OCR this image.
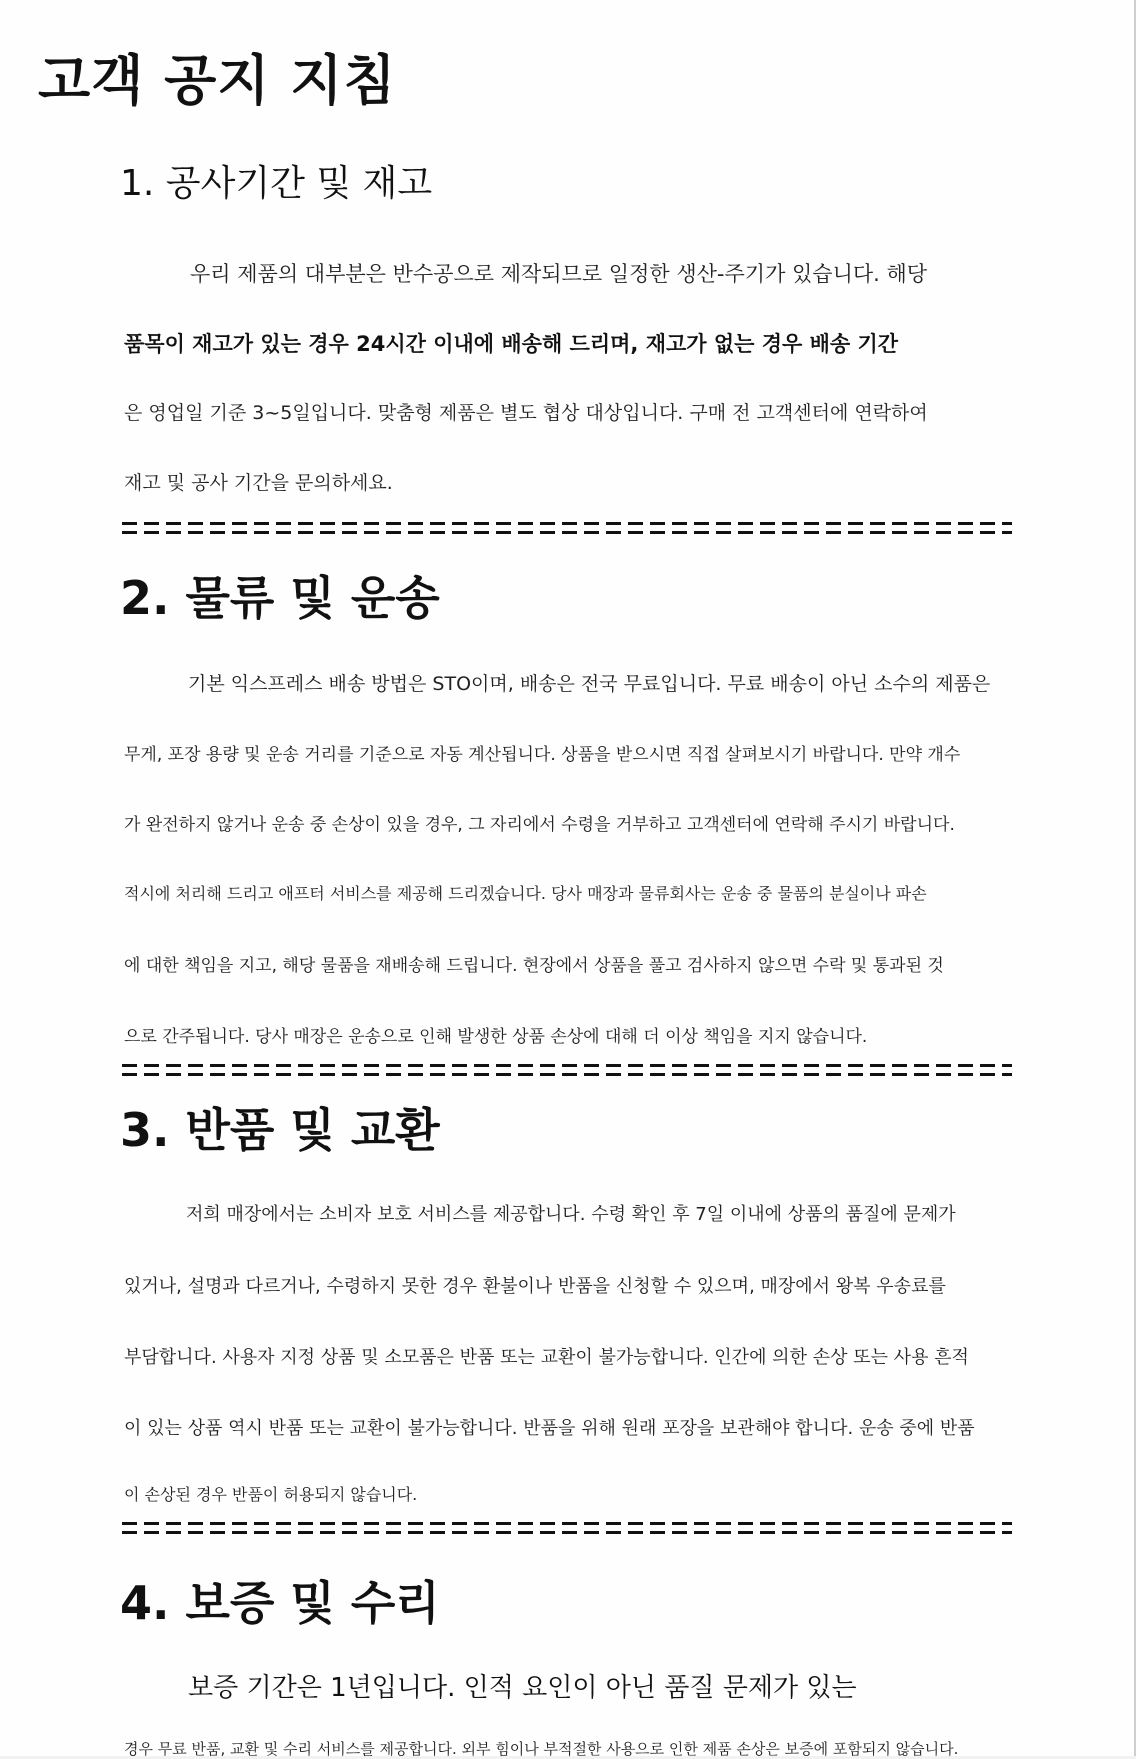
고객 공지 지침
1. 공사기간 및 재고

우리 제품의 대부분은 반수공으로 제작되므로 일정한 생산-주기가 있습니다. 해당

품목이 재고가 있는 경우 24시간 이내에 배송해 드리며, 재고가 없는 경우 배송 기간

은 영업일 기준 3~5일입니다. 맞춤형 제품은 별도 협상 대상입니다. 구매 전 고객센터에 연락하여

재고 및 공사 기간을 문의하세요.

2. 물류 및 운송

기본 익스프레스 배송 방법은 STO이며, 배송은 전국 무료입니다. 무료 배송이 아닌 소수의 제품은

무게, 포장 용량 및 운송 거리를 기준으로 자동 계산됩니다. 상품을 받으시면 직접 살펴보시기 바랍니다. 만약 개수

가 완전하지 않거나 운송 중 손상이 있을 경우, 그 자리에서 수령을 거부하고 고객센터에 연락해 주시기 바랍니다.

적시에 처리해 드리고 애프터 서비스를 제공해 드리겠습니다. 당사 매장과 물류회사는 운송 중 물품의 분실이나 파손

에 대한 책임을 지고, 해당 물품을 재배송해 드립니다. 현장에서 상품을 풀고 검사하지 않으면 수락 및 통과된 것

으로 간주됩니다. 당사 매장은 운송으로 인해 발생한 상품 손상에 대해 더 이상 책임을 지지 않습니다.

3. 반품 및 교환

저희 매장에서는 소비자 보호 서비스를 제공합니다. 수령 확인 후 7일 이내에 상품의 품질에 문제가

있거나, 설명과 다르거나, 수령하지 못한 경우 환불이나 반품을 신청할 수 있으며, 매장에서 왕복 우송료를

부담합니다. 사용자 지정 상품 및 소모품은 반품 또는 교환이 불가능합니다. 인간에 의한 손상 또는 사용 흔적

이 있는 상품 역시 반품 또는 교환이 불가능합니다. 반품을 위해 원래 포장을 보관해야 합니다. 운송 중에 반품

이 손상된 경우 반품이 허용되지 않습니다.

4. 보증 및 수리

보증 기간은 1년입니다. 인적 요인이 아닌 품질 문제가 있는

경우 무료 반품, 교환 및 수리 서비스를 제공합니다. 외부 힘이나 부적절한 사용으로 인한 제품 손상은 보증에 포함되지 않습니다.
